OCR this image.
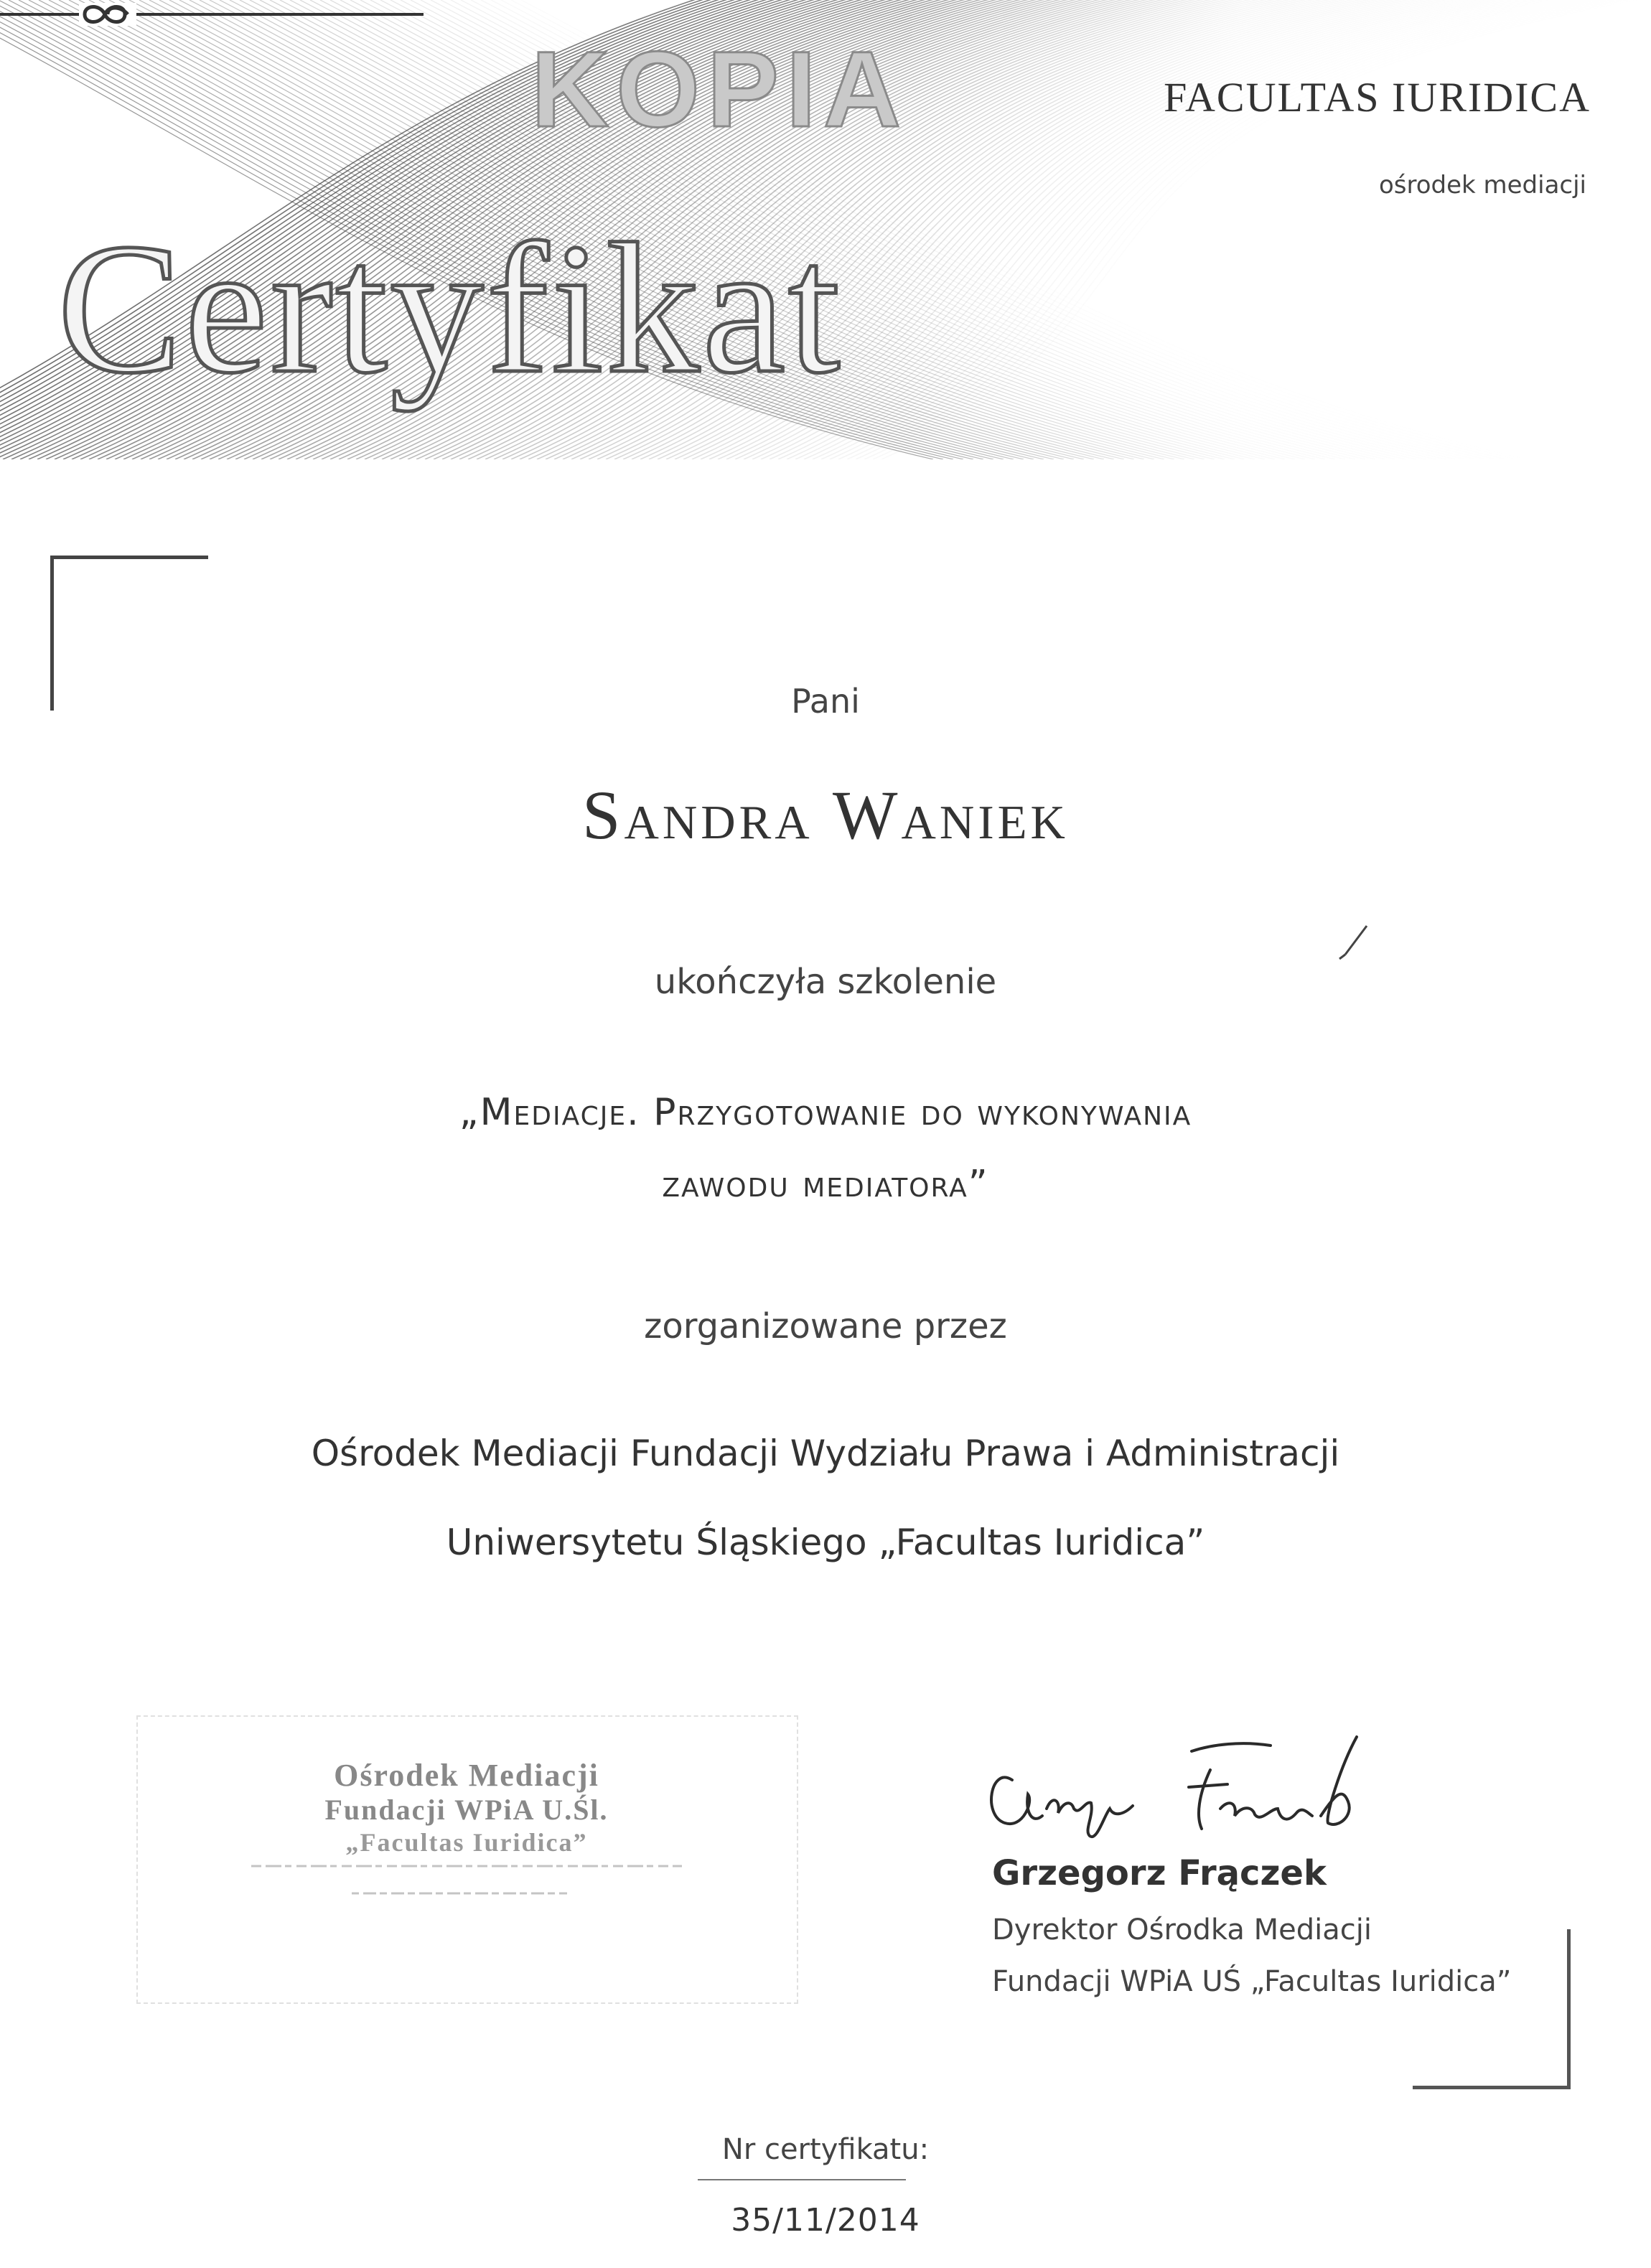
KOPIA
Certyfikat
FACULTAS IURIDICA
ośrodek mediacji
Pani
Sandra Waniek
ukończyła szkolenie
„Mediacje. Przygotowanie do wykonywania
zawodu mediatora”
zorganizowane przez
Ośrodek Mediacji Fundacji Wydziału Prawa i Administracji
Uniwersytetu Śląskiego „Facultas Iuridica”
Ośrodek Mediacji
Fundacji WPiA U.Śl.
„Facultas Iuridica”
Grzegorz Frączek
Dyrektor Ośrodka Mediacji
Fundacji WPiA UŚ „Facultas Iuridica”
Nr certyfikatu:
35/11/2014
